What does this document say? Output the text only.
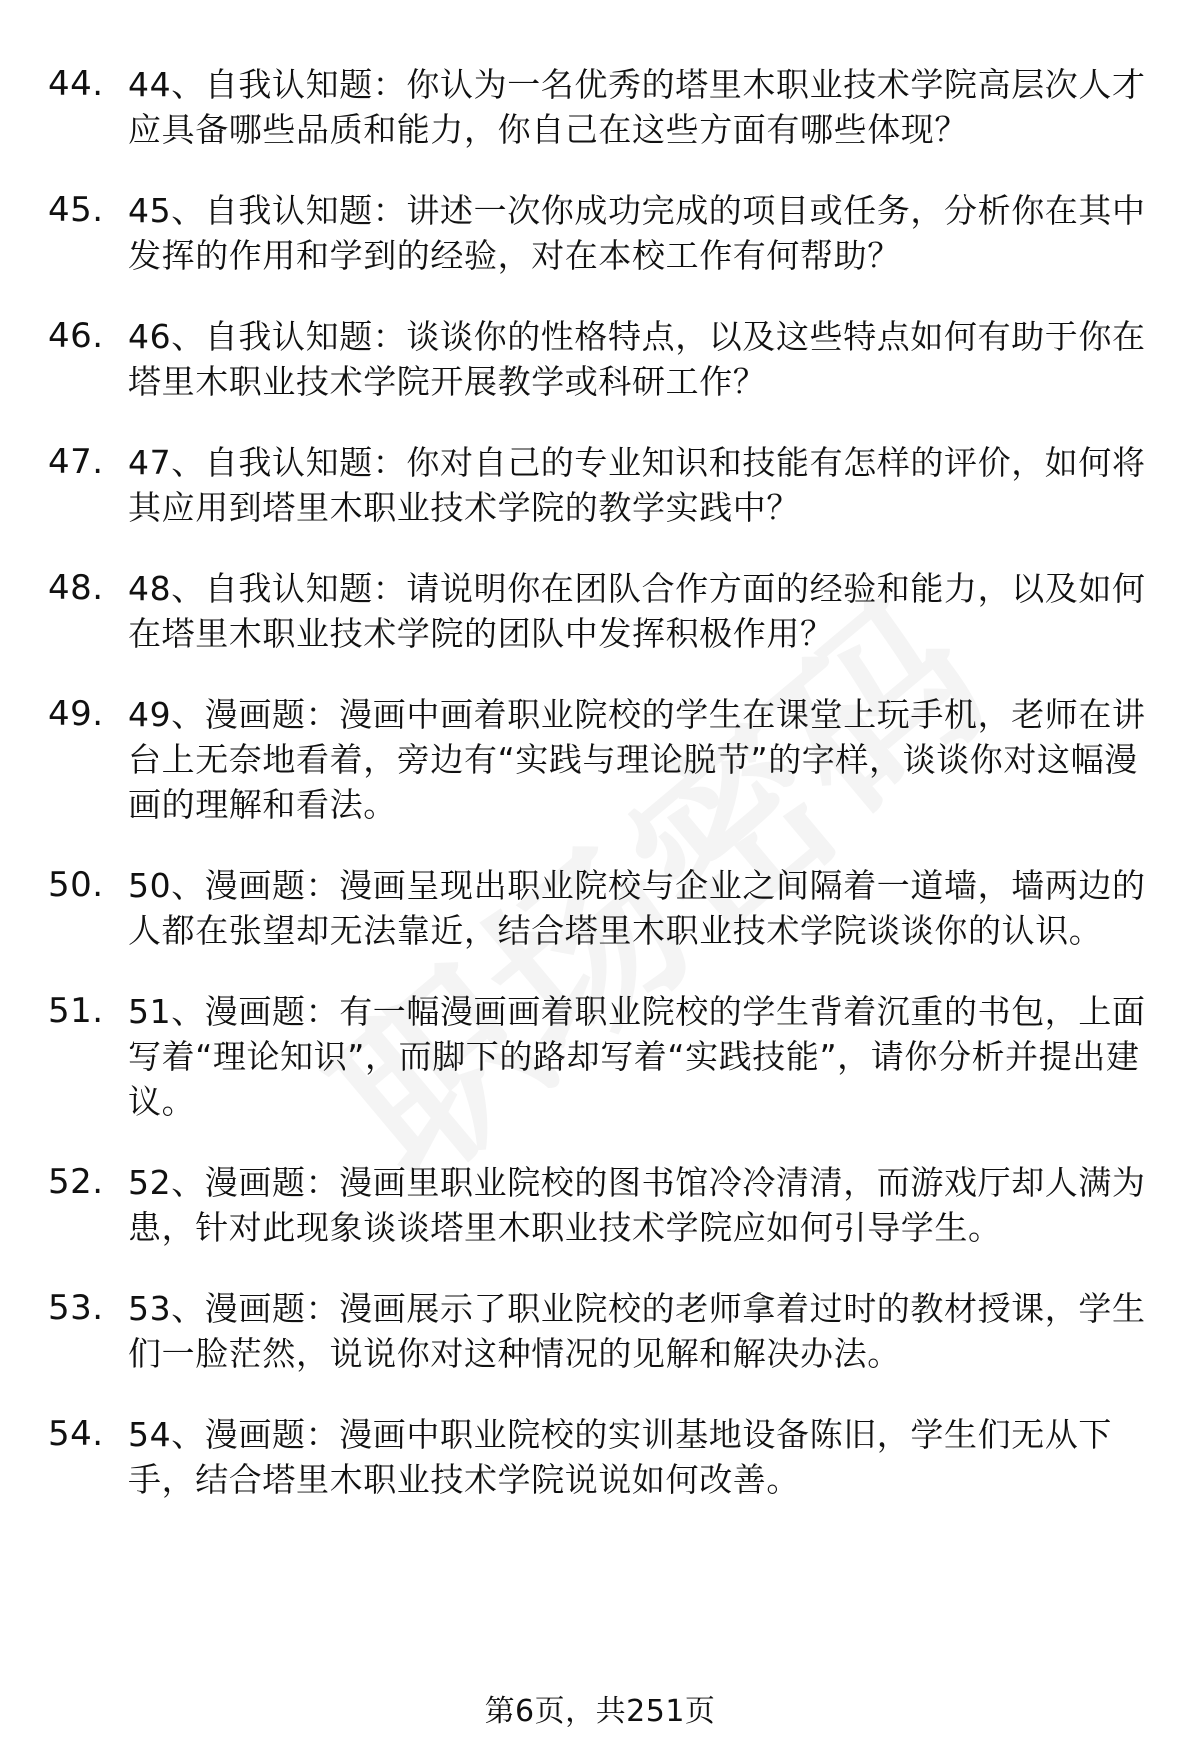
44. 44、自我认知题：你认为一名优秀的塔里木职业技术学院高层次人才应具备哪些品质和能力，你自己在这些方面有哪些体现？
45. 45、自我认知题：讲述一次你成功完成的项目或任务，分析你在其中发挥的作用和学到的经验，对在本校工作有何帮助？
46. 46、自我认知题：谈谈你的性格特点，以及这些特点如何有助于你在塔里木职业技术学院开展教学或科研工作？
47. 47、自我认知题：你对自己的专业知识和技能有怎样的评价，如何将其应用到塔里木职业技术学院的教学实践中？
48. 48、自我认知题：请说明你在团队合作方面的经验和能力，以及如何在塔里木职业技术学院的团队中发挥积极作用？
49. 49、漫画题：漫画中画着职业院校的学生在课堂上玩手机，老师在讲台上无奈地看着，旁边有“实践与理论脱节”的字样，谈谈你对这幅漫画的理解和看法。
50. 50、漫画题：漫画呈现出职业院校与企业之间隔着一道墙，墙两边的人都在张望却无法靠近，结合塔里木职业技术学院谈谈你的认识。
51. 51、漫画题：有一幅漫画画着职业院校的学生背着沉重的书包，上面写着“理论知识”，而脚下的路却写着“实践技能”，请你分析并提出建议。
52. 52、漫画题：漫画里职业院校的图书馆冷冷清清，而游戏厅却人满为患，针对此现象谈谈塔里木职业技术学院应如何引导学生。
53. 53、漫画题：漫画展示了职业院校的老师拿着过时的教材授课，学生们一脸茫然，说说你对这种情况的见解和解决办法。
54. 54、漫画题：漫画中职业院校的实训基地设备陈旧，学生们无从下手，结合塔里木职业技术学院说说如何改善。
第6页，共251页
